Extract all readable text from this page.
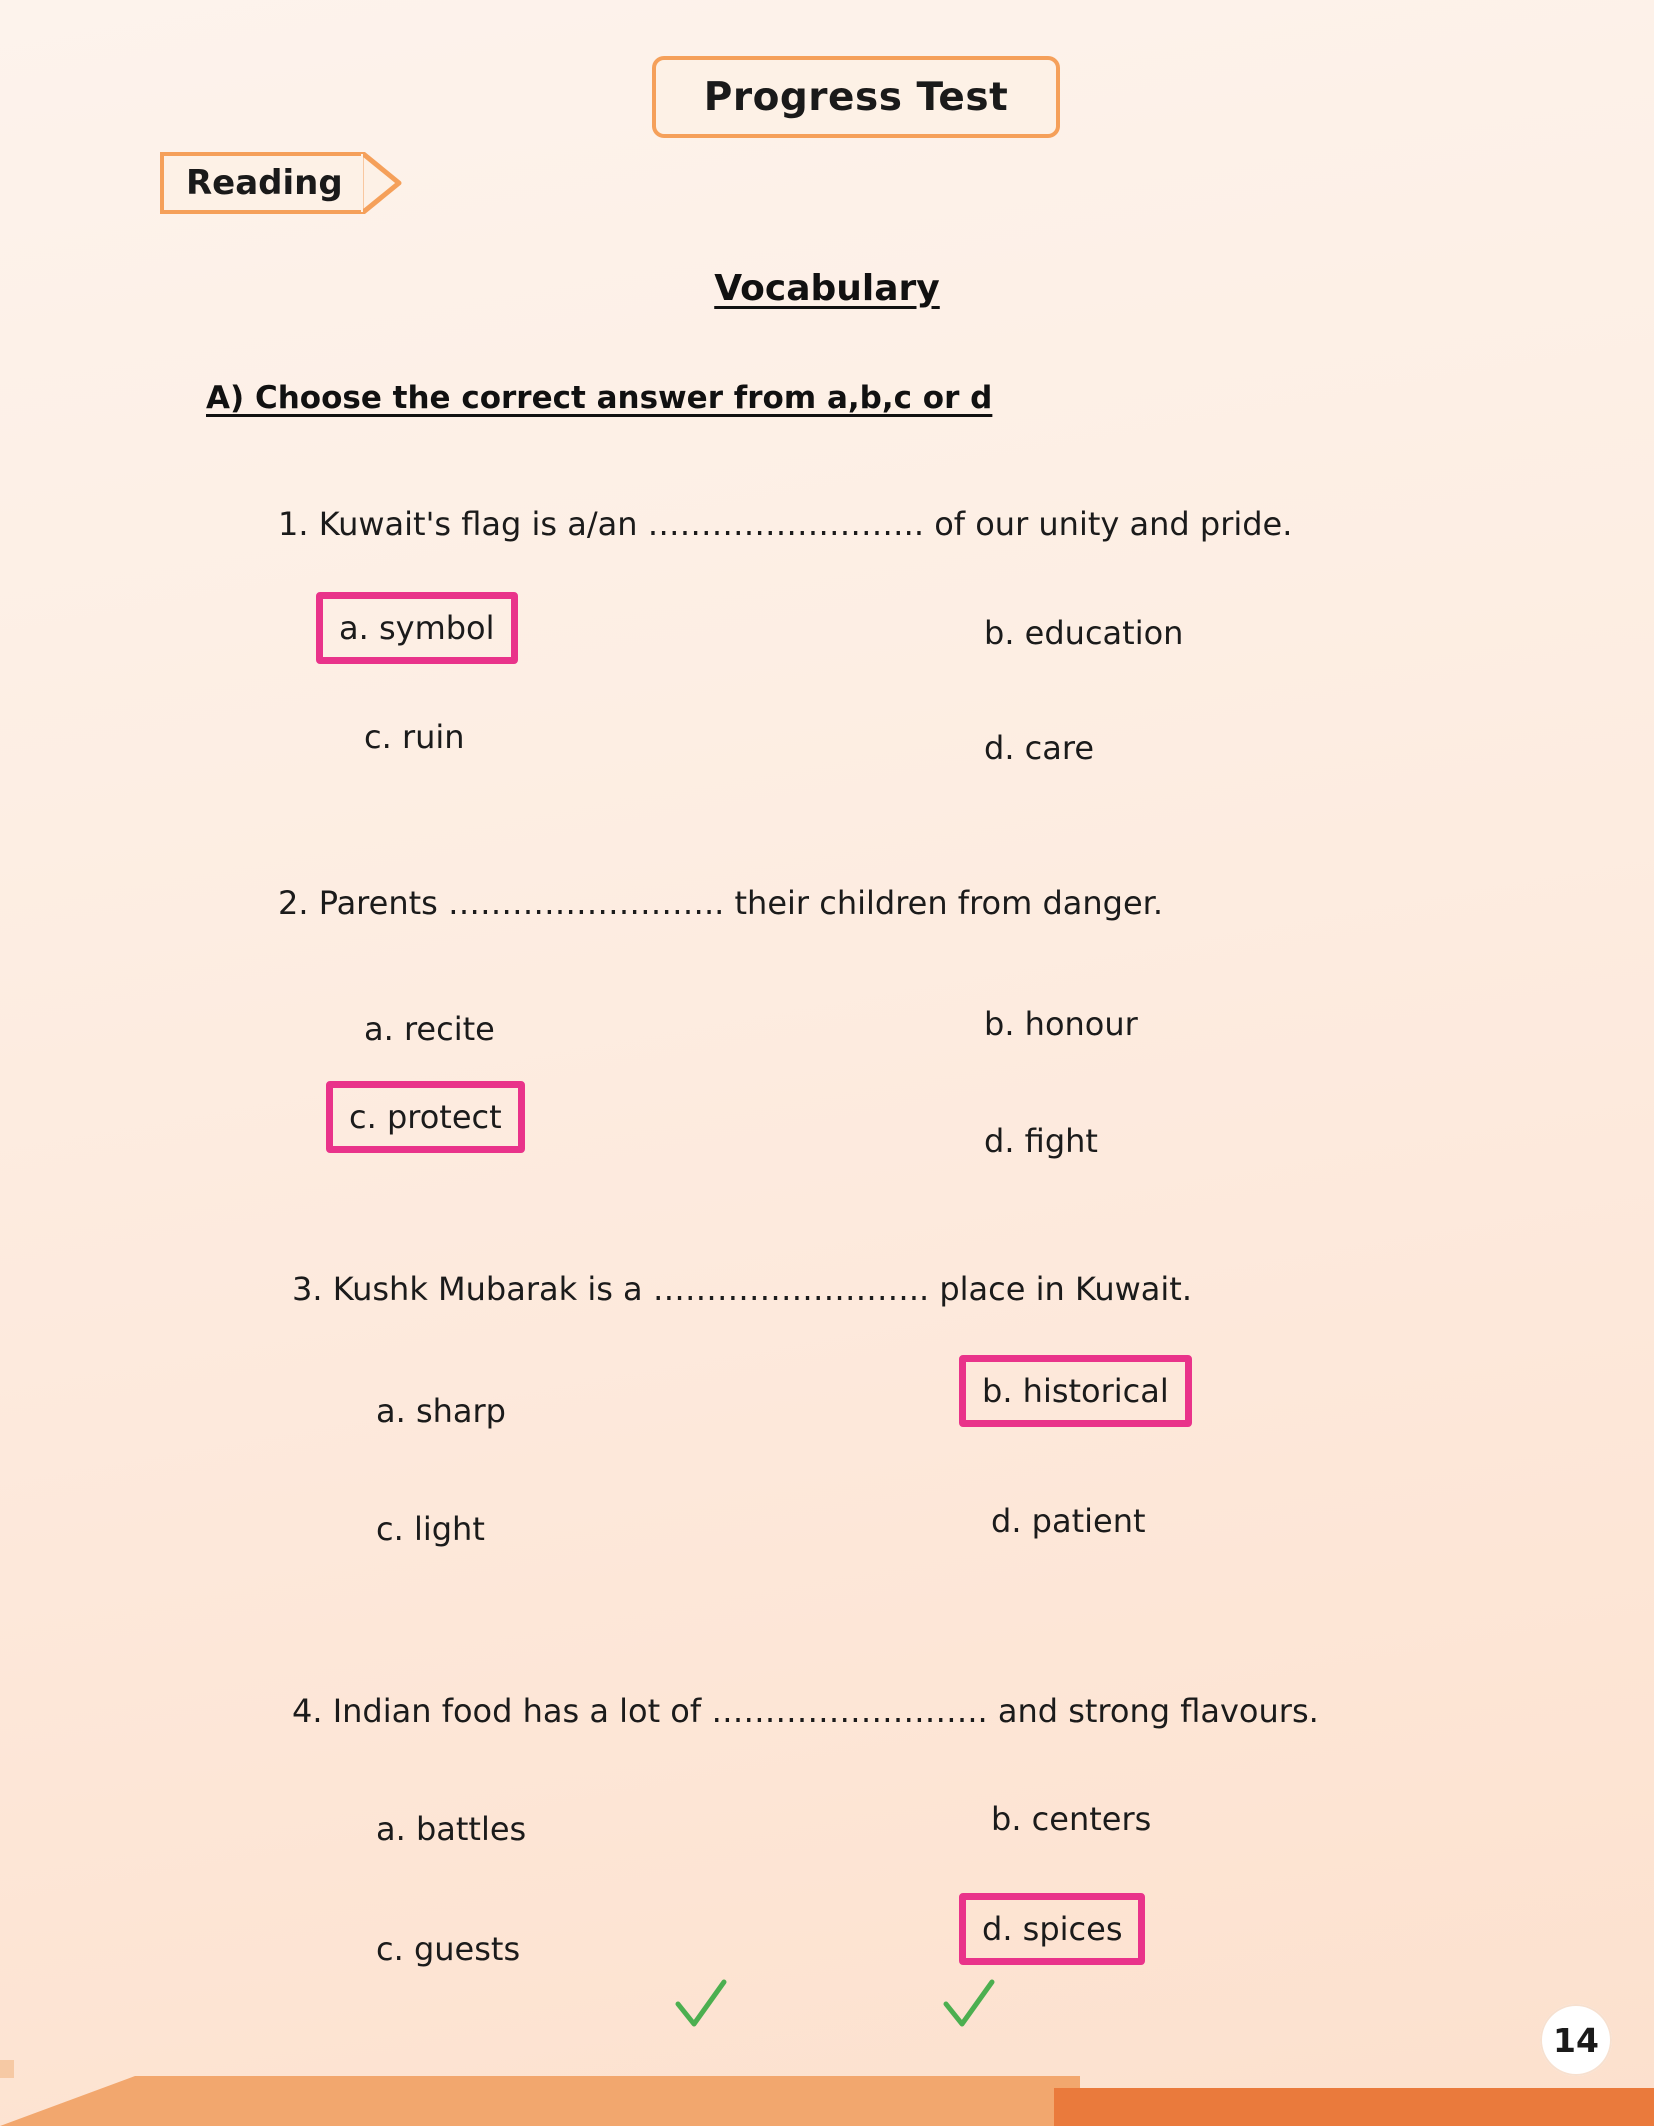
Progress Test
Reading
Vocabulary
A) Choose the correct answer from a,b,c or d
1. Kuwait's flag is a/an …………………….. of our unity and pride.
a. symbol	b. education
c. ruin	d. care
2. Parents …………………….. their children from danger.
a. recite	b. honour
c. protect
d. fight
3. Kushk Mubarak is a …………………….. place in Kuwait.
a. sharp
b. historical
c. light	d. patient
4. Indian food has a lot of …………………….. and strong flavours.
a. battles	b. centers
c. guests
d. spices
14
